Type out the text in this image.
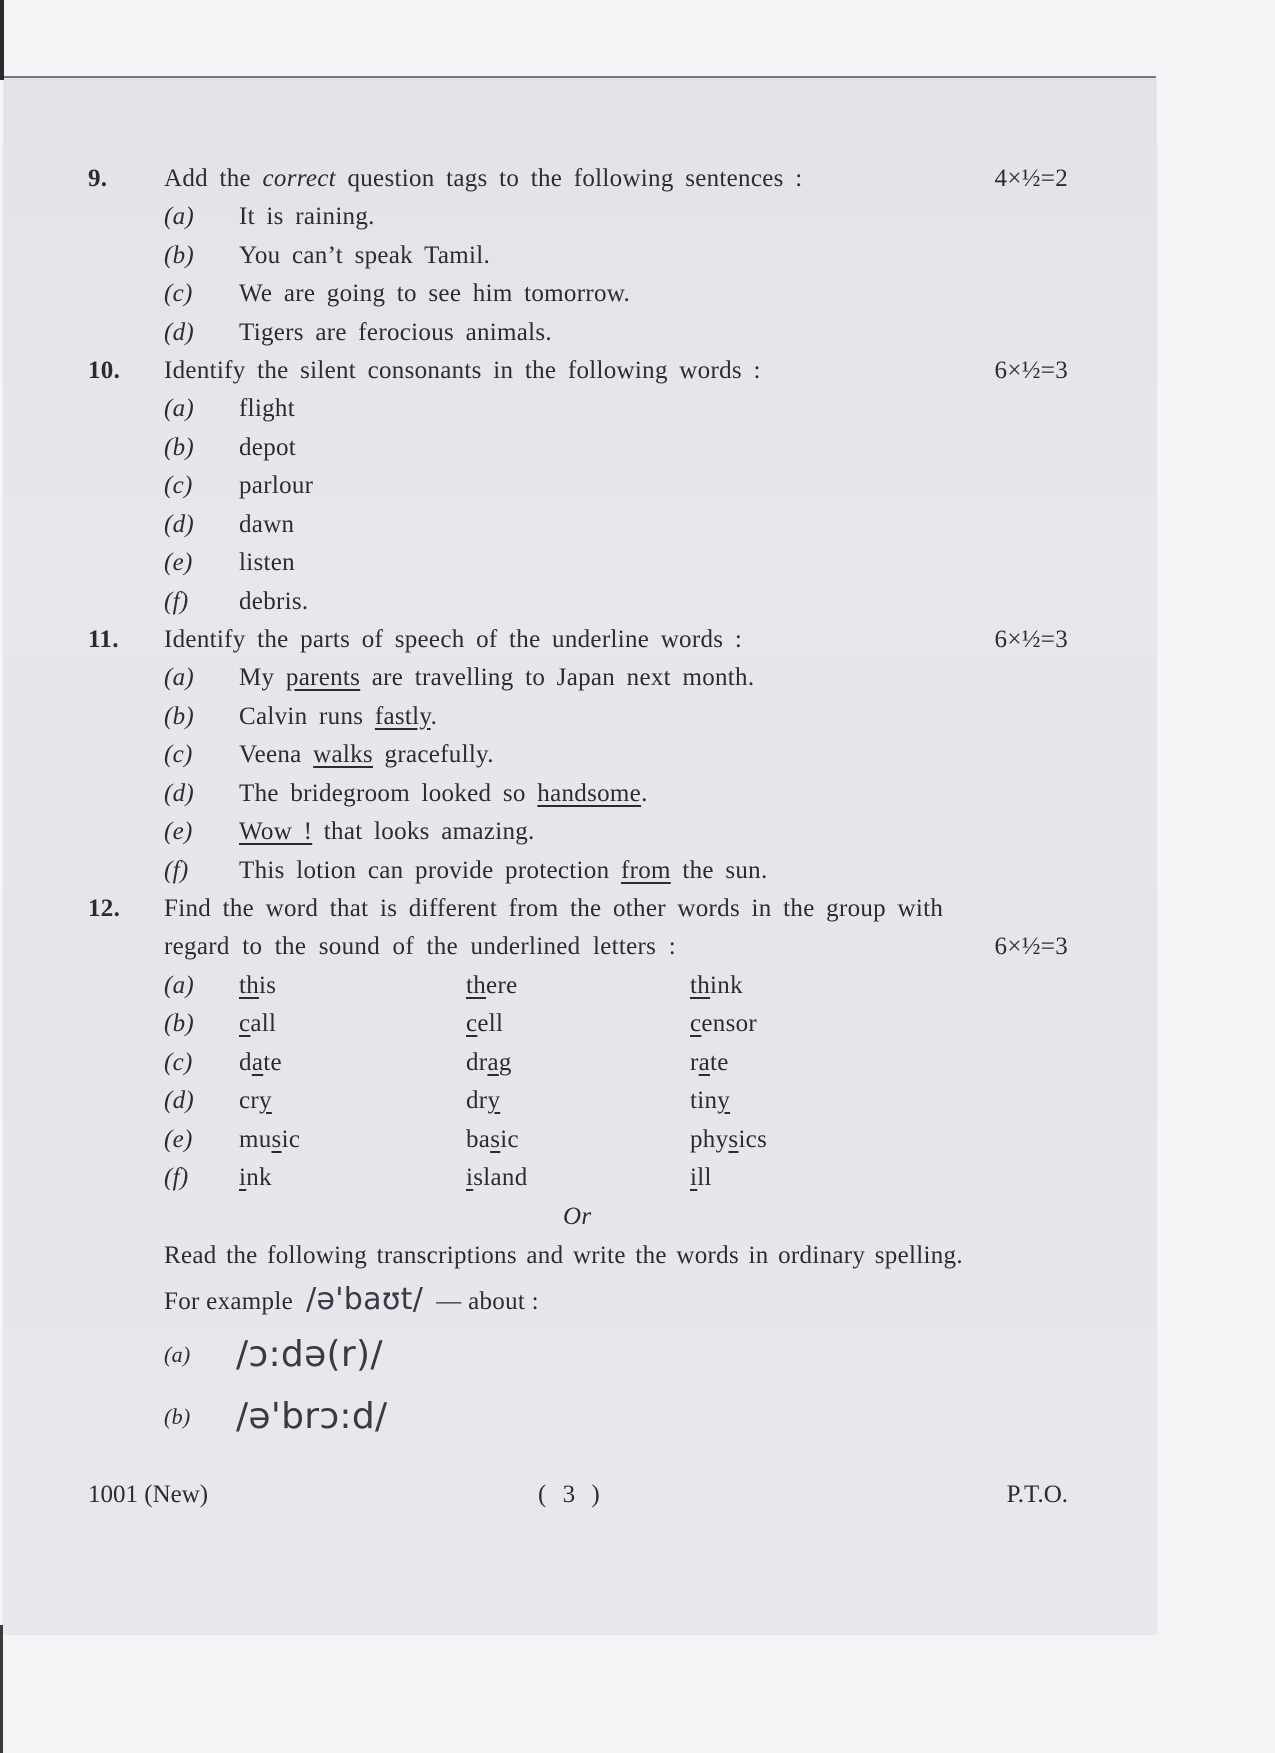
9. Add the correct question tags to the following sentences :	4×½=2
(a) It is raining.
(b) You can’t speak Tamil.
(c) We are going to see him tomorrow.
(d) Tigers are ferocious animals.
10. Identify the silent consonants in the following words :	6×½=3
(a) flight
(b) depot
(c) parlour
(d) dawn
(e) listen
(f) debris.
11. Identify the parts of speech of the underline words :	6×½=3
(a) My parents are travelling to Japan next month.
(b) Calvin runs fastly.
(c) Veena walks gracefully.
(d) The bridegroom looked so handsome.
(e) Wow ! that looks amazing.
(f) This lotion can provide protection from the sun.
12. Find the word that is different from the other words in the group with
regard to the sound of the underlined letters :	6×½=3
(a) this	there	think
(b) call	cell	censor
(c) date	drag	rate
(d) cry	dry	tiny
(e) music	basic	physics
(f) ink	island	ill
Or
Read the following transcriptions and write the words in ordinary spelling.
For example /ə'baʊt/ — about :
(a) /ɔ:də(r)/
(b) /ə'brɔ:d/
1001 (New)	( 3 )	P.T.O.
